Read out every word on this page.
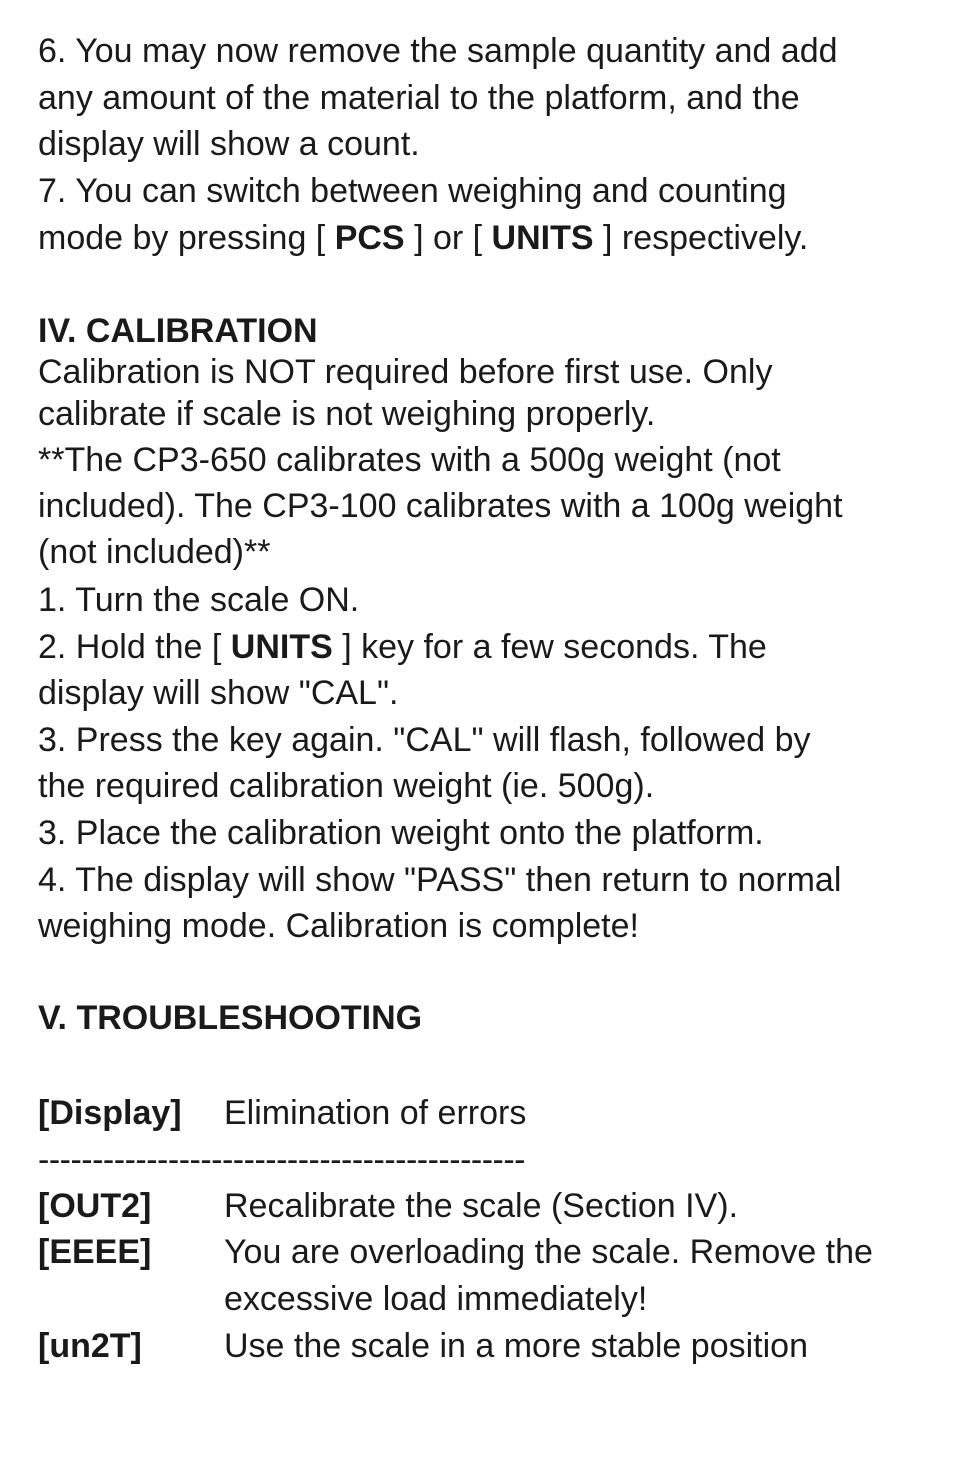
6. You may now remove the sample quantity and add
any amount of the material to the platform, and the
display will show a count.
7. You can switch between weighing and counting
mode by pressing [ PCS ] or [ UNITS ] respectively.
IV. CALIBRATION
Calibration is NOT required before first use. Only
calibrate if scale is not weighing properly.
**The CP3-650 calibrates with a 500g weight (not
included). The CP3-100 calibrates with a 100g weight
(not included)**
1. Turn the scale ON.
2. Hold the [ UNITS ] key for a few seconds. The
display will show "CAL".
3. Press the key again. "CAL" will flash, followed by
the required calibration weight (ie. 500g).
3. Place the calibration weight onto the platform.
4. The display will show "PASS" then return to normal
weighing mode. Calibration is complete!
V. TROUBLESHOOTING
[Display] Elimination of errors
---------------------------------------------
[OUT2] Recalibrate the scale (Section IV).
[EEEE] You are overloading the scale. Remove the
excessive load immediately!
[un2T] Use the scale in a more stable position
